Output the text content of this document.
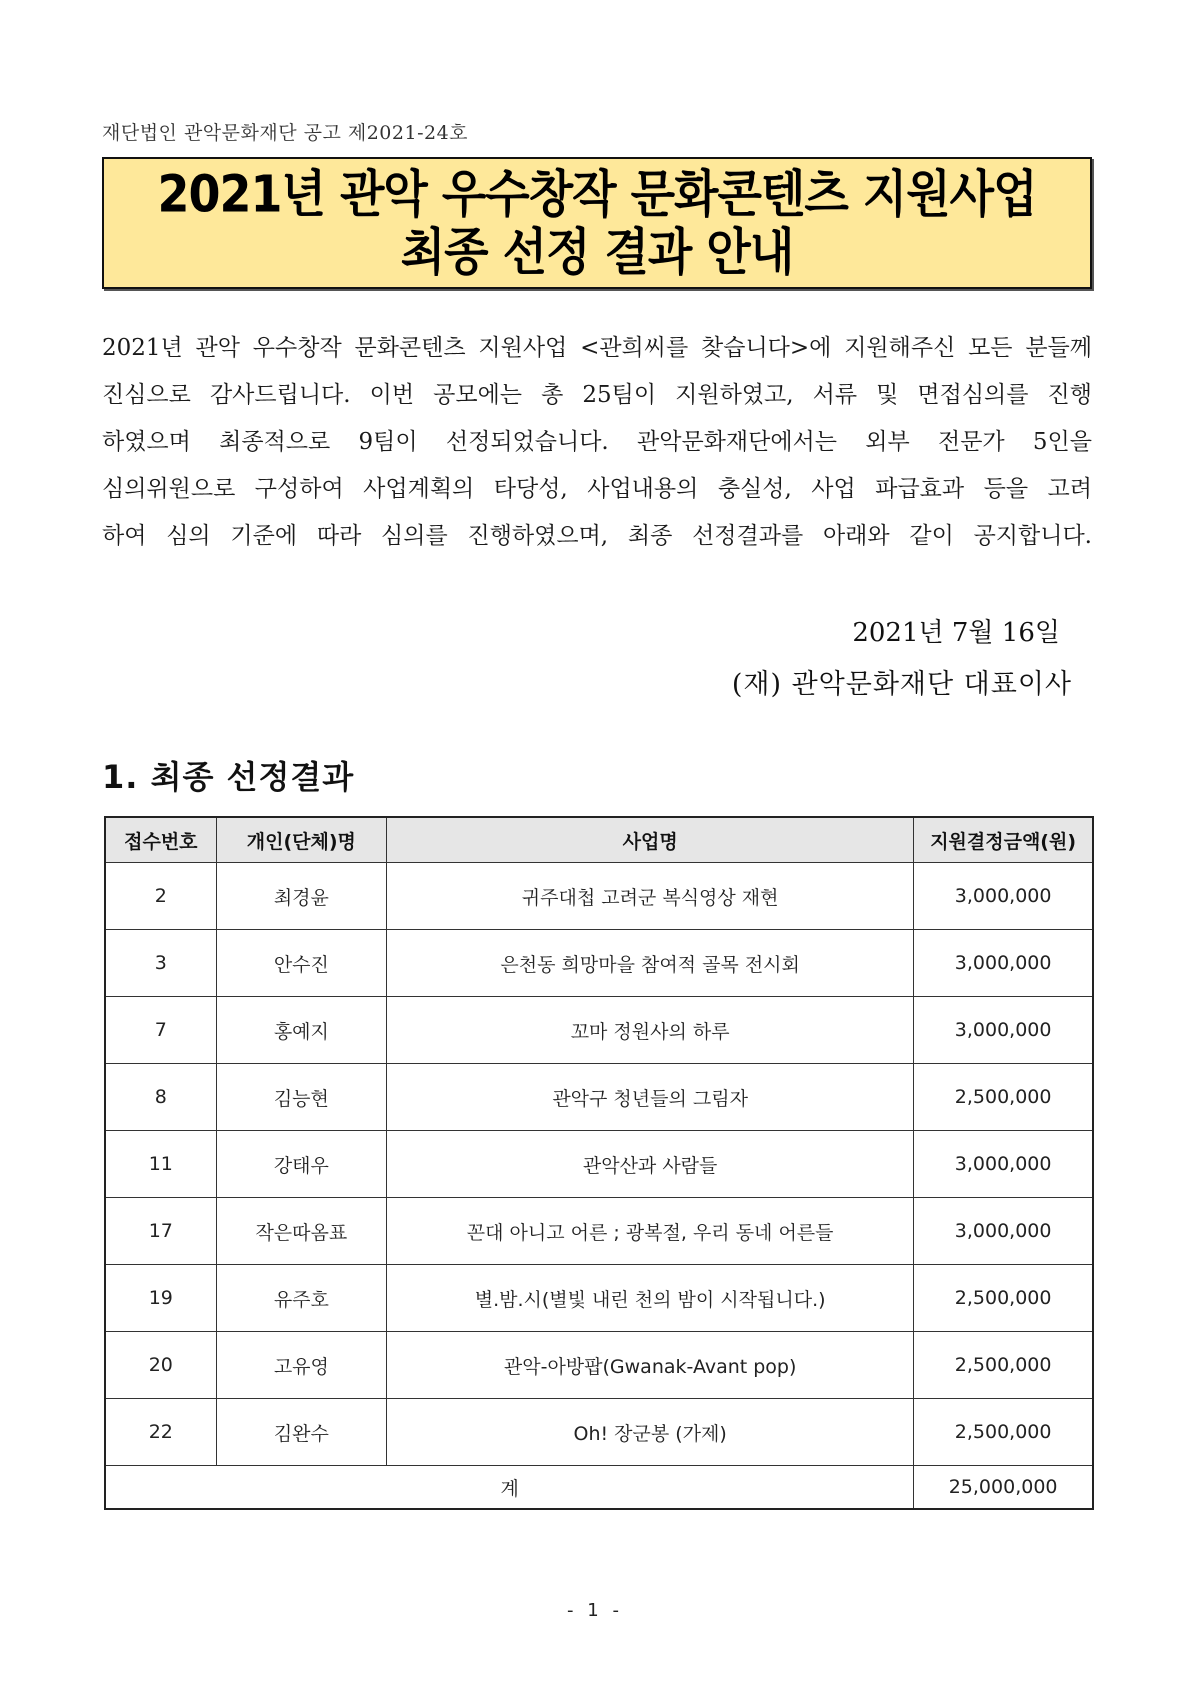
재단법인 관악문화재단 공고 제2021-24호
2021년 관악 우수창작 문화콘텐츠 지원사업
최종 선정 결과 안내
2021년 관악 우수창작 문화콘텐츠 지원사업 <관희씨를 찾습니다>에 지원해주신 모든 분들께
진심으로 감사드립니다. 이번 공모에는 총 25팀이 지원하였고, 서류 및 면접심의를 진행
하였으며 최종적으로 9팀이 선정되었습니다. 관악문화재단에서는 외부 전문가 5인을
심의위원으로 구성하여 사업계획의 타당성, 사업내용의 충실성, 사업 파급효과 등을 고려
하여 심의 기준에 따라 심의를 진행하였으며, 최종 선정결과를 아래와 같이 공지합니다.
2021년 7월 16일
(재) 관악문화재단 대표이사
1. 최종 선정결과
접수번호	개인(단체)명	사업명	지원결정금액(원)
2	최경윤	귀주대첩 고려군 복식영상 재현	3,000,000
3	안수진	은천동 희망마을 참여적 골목 전시회	3,000,000
7	홍예지	꼬마 정원사의 하루	3,000,000
8	김능현	관악구 청년들의 그림자	2,500,000
11	강태우	관악산과 사람들	3,000,000
17	작은따옴표	꼰대 아니고 어른 ; 광복절, 우리 동네 어른들	3,000,000
19	유주호	별.밤.시(별빛 내린 천의 밤이 시작됩니다.)	2,500,000
20	고유영	관악-아방팝(Gwanak-Avant pop)	2,500,000
22	김완수	Oh! 장군봉 (가제)	2,500,000
계			25,000,000
- 1 -
